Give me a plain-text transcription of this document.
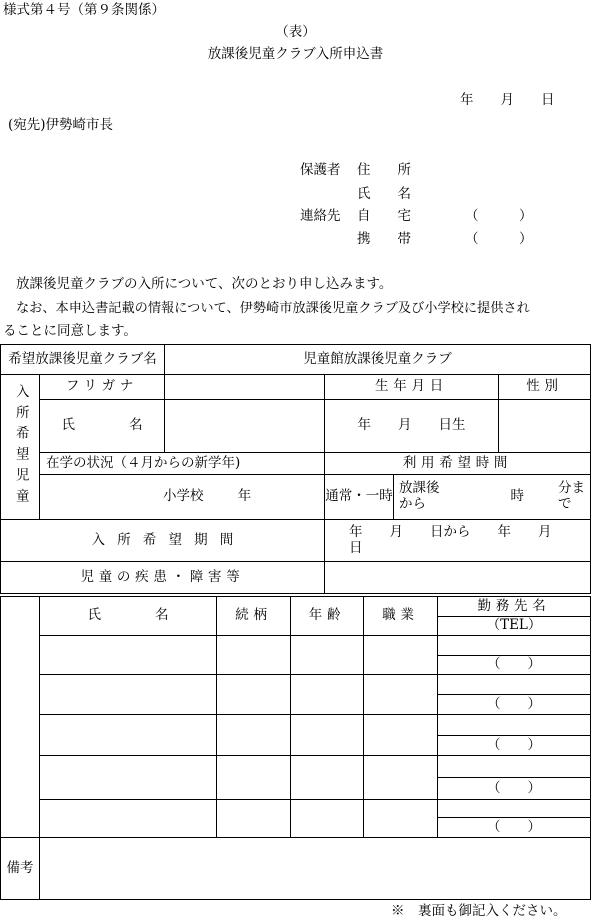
様式第４号（第９条関係）
（表）
放課後児童クラブ入所申込書
年　　月　　日
(宛先)伊勢崎市長
保護者 住　　所
氏　　名
連絡先 自　　宅	（　　　）
携　　帯	（　　　）
放課後児童クラブの入所について、次のとおり申し込みます。
なお、本申込書記載の情報について、伊勢崎市放課後児童クラブ及び小学校に提供され
ることに同意します。
希望放課後児童クラブ名		児童館放課後児童クラブ		

入所希望児童	フリガナ		生年月日	性別
	氏　　　　名		年　　月　　日生	
	在学の状況（４月からの新学年)		利用希望時間	
	小学校 年		通常・一時 放課後から 時 分まで	

入所希望期間			年　　月　　日から　　年　　月　　日	
児童の疾患・障害等				
	氏　　　　名	続柄	年齢	職業	勤務先名
					（TEL）

					（　　）

					（　　）

					（　　）

					（　　）

					（　　）

備考					
※　裏面も御記入ください。
